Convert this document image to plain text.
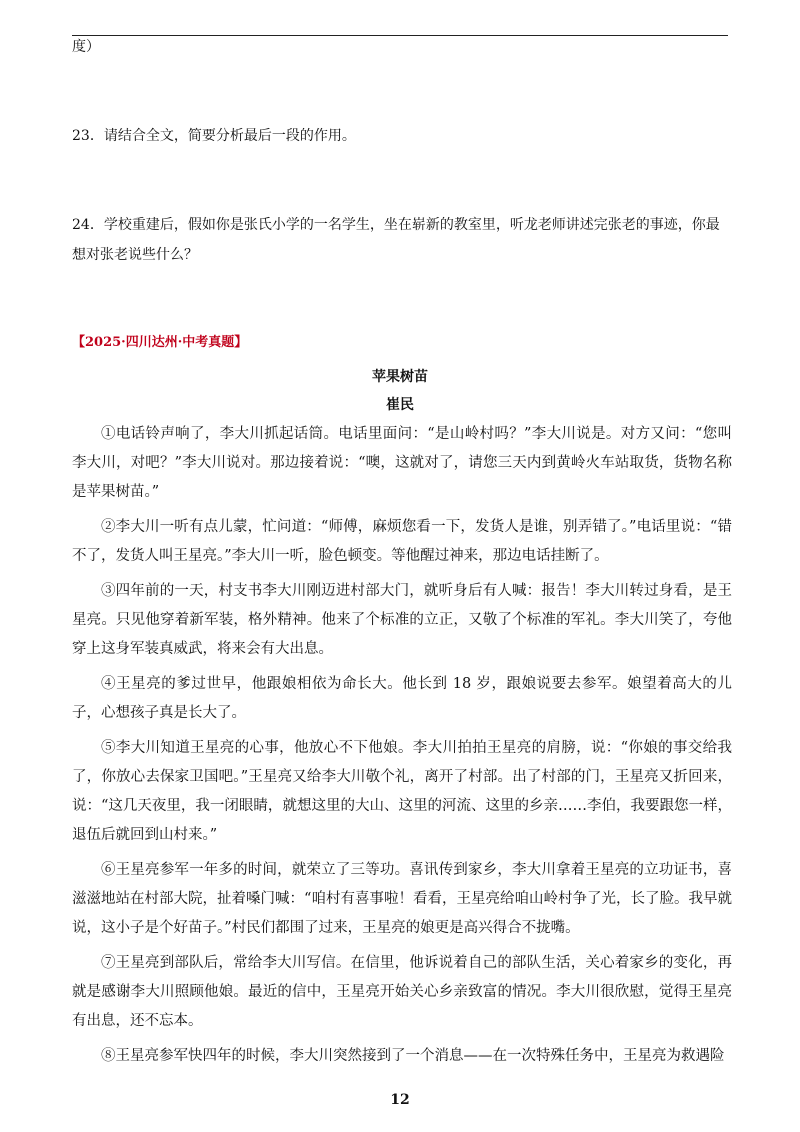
度）

23．请结合全文，简要分析最后一段的作用。

24．学校重建后，假如你是张氏小学的一名学生，坐在崭新的教室里，听龙老师讲述完张老的事迹，你最想对张老说些什么？

【2025·四川达州·中考真题】
苹果树苗
崔民

①电话铃声响了，李大川抓起话筒。电话里面问：“是山岭村吗？”李大川说是。对方又问：“您叫李大川，对吧？”李大川说对。那边接着说：“噢，这就对了，请您三天内到黄岭火车站取货，货物名称是苹果树苗。”

②李大川一听有点儿蒙，忙问道：“师傅，麻烦您看一下，发货人是谁，别弄错了。”电话里说：“错不了，发货人叫王星亮。”李大川一听，脸色顿变。等他醒过神来，那边电话挂断了。

③四年前的一天，村支书李大川刚迈进村部大门，就听身后有人喊：报告！李大川转过身看，是王星亮。只见他穿着新军装，格外精神。他来了个标准的立正，又敬了个标准的军礼。李大川笑了，夸他穿上这身军装真威武，将来会有大出息。

④王星亮的爹过世早，他跟娘相依为命长大。他长到 18 岁，跟娘说要去参军。娘望着高大的儿子，心想孩子真是长大了。

⑤李大川知道王星亮的心事，他放心不下他娘。李大川拍拍王星亮的肩膀，说：“你娘的事交给我了，你放心去保家卫国吧。”王星亮又给李大川敬个礼，离开了村部。出了村部的门，王星亮又折回来，说：“这几天夜里，我一闭眼睛，就想这里的大山、这里的河流、这里的乡亲……李伯，我要跟您一样，退伍后就回到山村来。”

⑥王星亮参军一年多的时间，就荣立了三等功。喜讯传到家乡，李大川拿着王星亮的立功证书，喜滋滋地站在村部大院，扯着嗓门喊：“咱村有喜事啦！看看，王星亮给咱山岭村争了光，长了脸。我早就说，这小子是个好苗子。”村民们都围了过来，王星亮的娘更是高兴得合不拢嘴。

⑦王星亮到部队后，常给李大川写信。在信里，他诉说着自己的部队生活，关心着家乡的变化，再就是感谢李大川照顾他娘。最近的信中，王星亮开始关心乡亲致富的情况。李大川很欣慰，觉得王星亮有出息，还不忘本。

⑧王星亮参军快四年的时候，李大川突然接到了一个消息——在一次特殊任务中，王星亮为救遇险

12
